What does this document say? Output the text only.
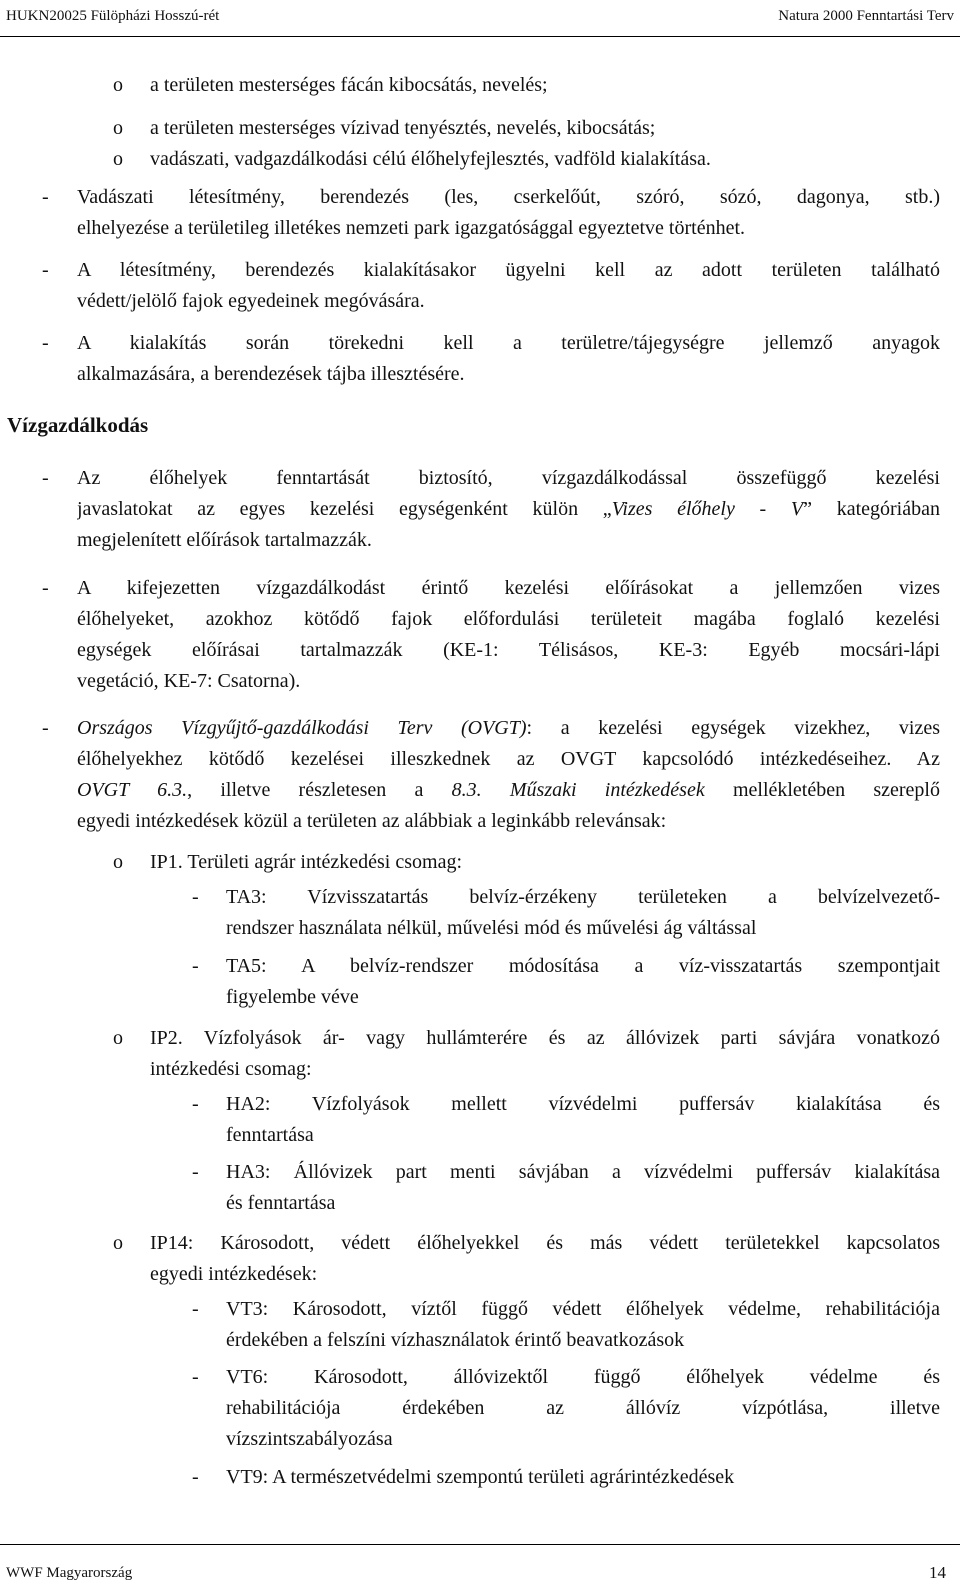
HUKN20025 Fülöpházi Hosszú-rét	Natura 2000 Fenntartási Terv
o a területen mesterséges fácán kibocsátás, nevelés;
o a területen mesterséges vízivad tenyésztés, nevelés, kibocsátás;
o vadászati, vadgazdálkodási célú élőhelyfejlesztés, vadföld kialakítása.
- Vadászati létesítmény, berendezés (les, cserkelőút, szóró, sózó, dagonya, stb.)
elhelyezése a területileg illetékes nemzeti park igazgatósággal egyeztetve történhet.
- A létesítmény, berendezés kialakításakor ügyelni kell az adott területen található
védett/jelölő fajok egyedeinek megóvására.
- A kialakítás során törekedni kell a területre/tájegységre jellemző anyagok
alkalmazására, a berendezések tájba illesztésére.
Vízgazdálkodás
- Az élőhelyek fenntartását biztosító, vízgazdálkodással összefüggő kezelési
javaslatokat az egyes kezelési egységenként külön „Vizes élőhely - V” kategóriában
megjelenített előírások tartalmazzák.
- A kifejezetten vízgazdálkodást érintő kezelési előírásokat a jellemzően vizes
élőhelyeket, azokhoz kötődő fajok előfordulási területeit magába foglaló kezelési
egységek előírásai tartalmazzák (KE-1: Télisásos, KE-3: Egyéb mocsári-lápi
vegetáció, KE-7: Csatorna).
- Országos Vízgyűjtő-gazdálkodási Terv (OVGT): a kezelési egységek vizekhez, vizes
élőhelyekhez kötődő kezelései illeszkednek az OVGT kapcsolódó intézkedéseihez. Az
OVGT 6.3., illetve részletesen a 8.3. Műszaki intézkedések mellékletében szereplő
egyedi intézkedések közül a területen az alábbiak a leginkább relevánsak:
o IP1. Területi agrár intézkedési csomag:
- TA3: Vízvisszatartás belvíz-érzékeny területeken a belvízelvezető-
rendszer használata nélkül, művelési mód és művelési ág váltással
- TA5: A belvíz-rendszer módosítása a víz-visszatartás szempontjait
figyelembe véve
o IP2. Vízfolyások ár- vagy hullámterére és az állóvizek parti sávjára vonatkozó
intézkedési csomag:
- HA2: Vízfolyások mellett vízvédelmi puffersáv kialakítása és
fenntartása
- HA3: Állóvizek part menti sávjában a vízvédelmi puffersáv kialakítása
és fenntartása
o IP14: Károsodott, védett élőhelyekkel és más védett területekkel kapcsolatos
egyedi intézkedések:
- VT3: Károsodott, víztől függő védett élőhelyek védelme, rehabilitációja
érdekében a felszíni vízhasználatok érintő beavatkozások
- VT6: Károsodott, állóvizektől függő élőhelyek védelme és
rehabilitációja érdekében az állóvíz vízpótlása, illetve
vízszintszabályozása
- VT9: A természetvédelmi szempontú területi agrárintézkedések
WWF Magyarország	14
